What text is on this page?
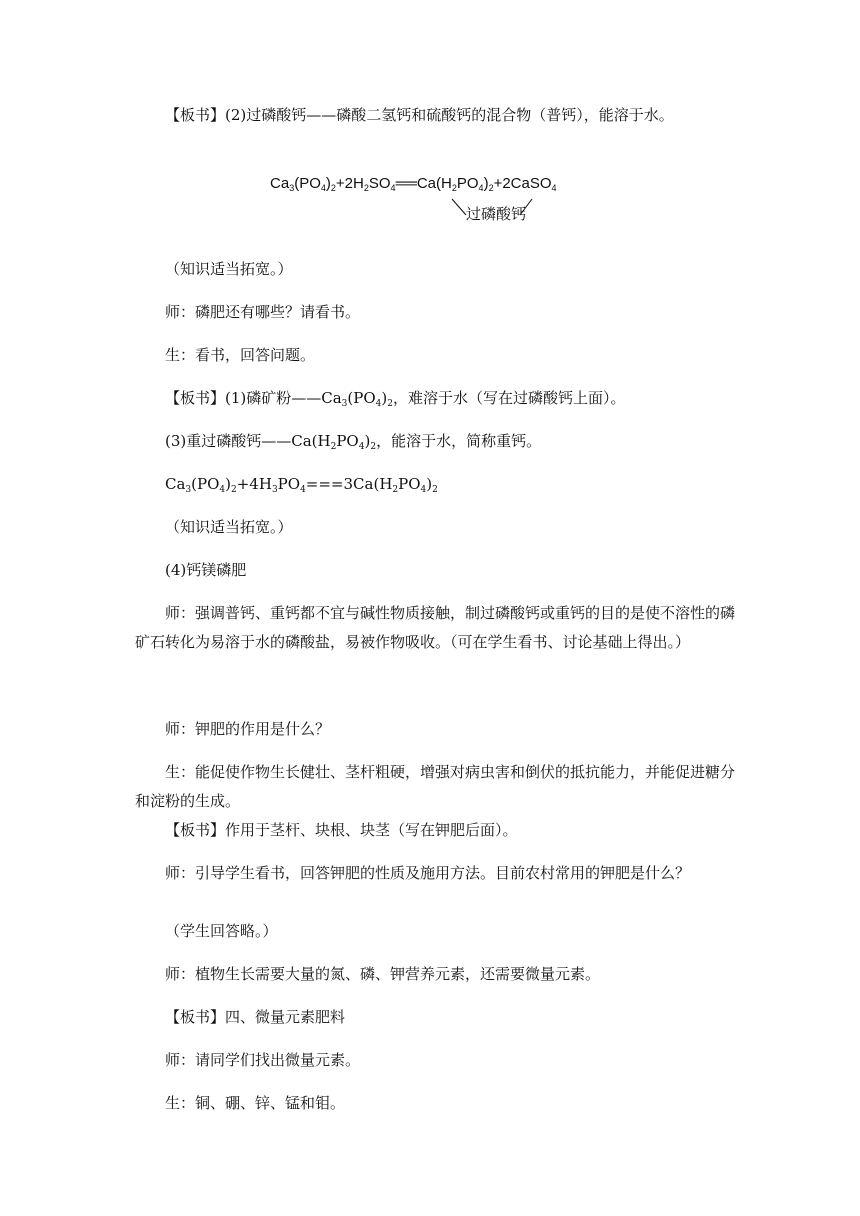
【板书】(2)过磷酸钙——磷酸二氢钙和硫酸钙的混合物（普钙），能溶于水。
$Ca_3(PO_4)_2+2H_2SO_4══Ca(H_2PO_4)_2+2CaSO_4$
过磷酸钙
（知识适当拓宽。）
师：磷肥还有哪些？请看书。
生：看书，回答问题。
【板书】(1)磷矿粉$——Ca_3(PO_4)_2$，难溶于水（写在过磷酸钙上面）。
(3)重过磷酸钙$——Ca(H_2PO_4)_2$，能溶于水，简称重钙。
$Ca_3(PO_4)_2+4H_3PO_4===3Ca(H_2PO_4)_2$
（知识适当拓宽。）
(4)钙镁磷肥
师：强调普钙、重钙都不宜与碱性物质接触，制过磷酸钙或重钙的目的是使不溶性的磷矿石转化为易溶于水的磷酸盐，易被作物吸收。（可在学生看书、讨论基础上得出。）
师：钾肥的作用是什么？
生：能促使作物生长健壮、茎杆粗硬，增强对病虫害和倒伏的抵抗能力，并能促进糖分和淀粉的生成。
【板书】作用于茎杆、块根、块茎（写在钾肥后面）。
师：引导学生看书，回答钾肥的性质及施用方法。目前农村常用的钾肥是什么？
（学生回答略。）
师：植物生长需要大量的氮、磷、钾营养元素，还需要微量元素。
【板书】四、微量元素肥料
师：请同学们找出微量元素。
生：铜、硼、锌、锰和钼。
